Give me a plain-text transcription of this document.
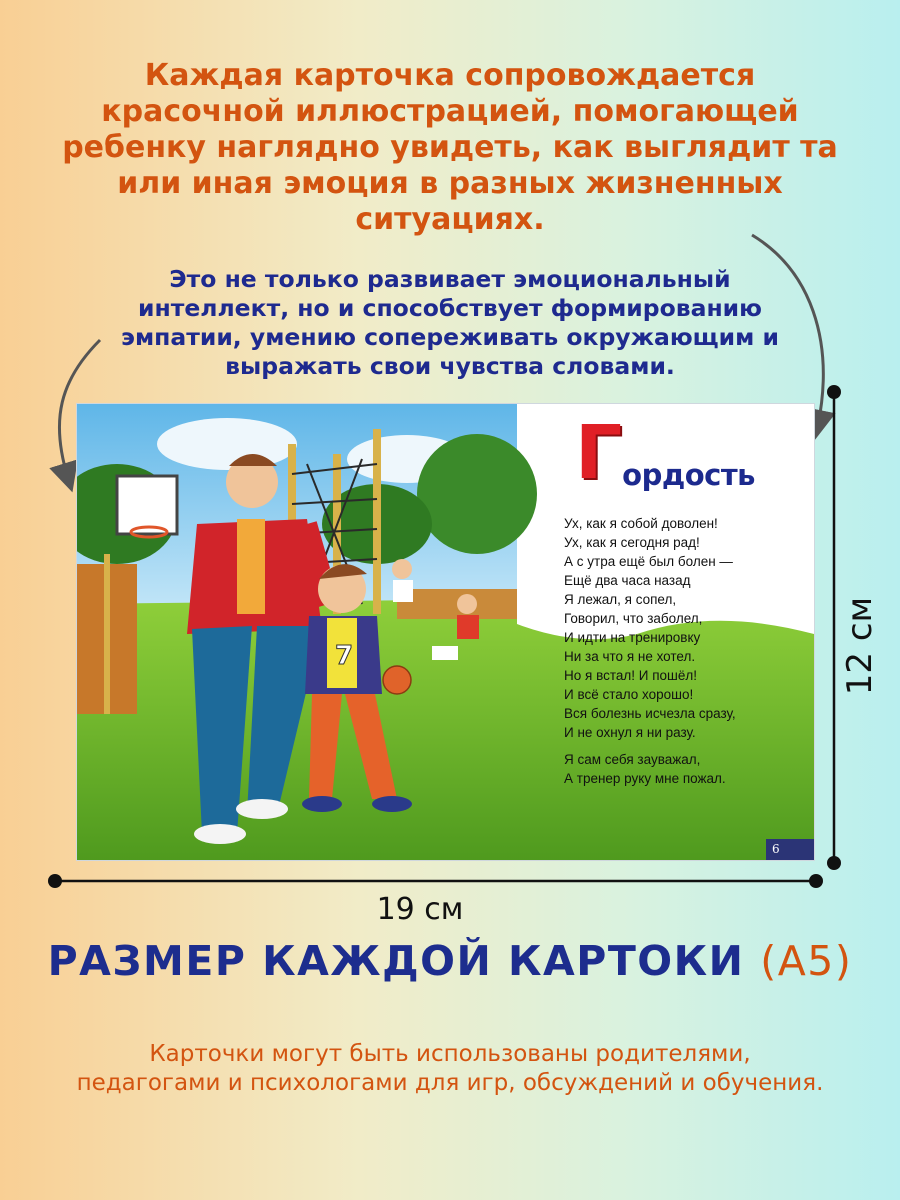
Каждая карточка сопровождается
красочной иллюстрацией, помогающей
ребенку наглядно увидеть, как выглядит та
или иная эмоция в разных жизненных
ситуациях.

Это не только развивает эмоциональный
интеллект, но и способствует формированию
эмпатии, умению сопереживать окружающим и
выражать свои чувства словами.

7

Гордость

Ух, как я собой доволен!
Ух, как я сегодня рад!
А с утра ещё был болен —
Ещё два часа назад
Я лежал, я сопел,
Говорил, что заболел,
И идти на тренировку
Ни за что я не хотел.
Но я встал! И пошёл!
И всё стало хорошо!
Вся болезнь исчезла сразу,
И не охнул я ни разу.
Я сам себя зауважал,
А тренер руку мне пожал.
6

19 см

12 см

РАЗМЕР КАЖДОЙ КАРТОКИ (А5)

Карточки могут быть использованы родителями,
педагогами и психологами для игр, обсуждений и обучения.
